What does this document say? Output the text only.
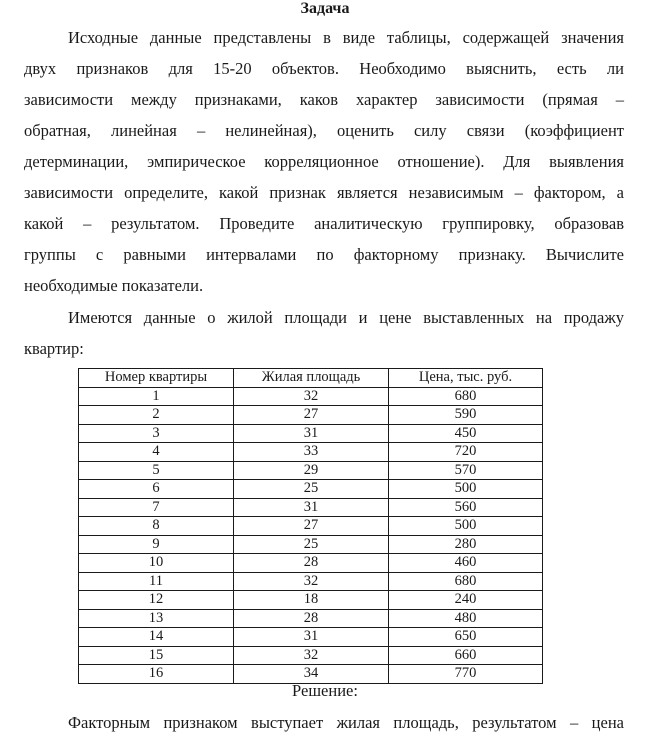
Задача
Исходные данные представлены в виде таблицы, содержащей значения
двух признаков для 15-20 объектов. Необходимо выяснить, есть ли
зависимости между признаками, каков характер зависимости (прямая –
обратная, линейная – нелинейная), оценить силу связи (коэффициент
детерминации, эмпирическое корреляционное отношение). Для выявления
зависимости определите, какой признак является независимым – фактором, а
какой – результатом. Проведите аналитическую группировку, образовав
группы с равными интервалами по факторному признаку. Вычислите
необходимые показатели.
Имеются данные о жилой площади и цене выставленных на продажу
квартир:
Номер квартиры	Жилая площадь	Цена, тыс. руб.
1	32	680
2	27	590
3	31	450
4	33	720
5	29	570
6	25	500
7	31	560
8	27	500
9	25	280
10	28	460
11	32	680
12	18	240
13	28	480
14	31	650
15	32	660
16	34	770
Решение:
Факторным признаком выступает жилая площадь, результатом – цена
